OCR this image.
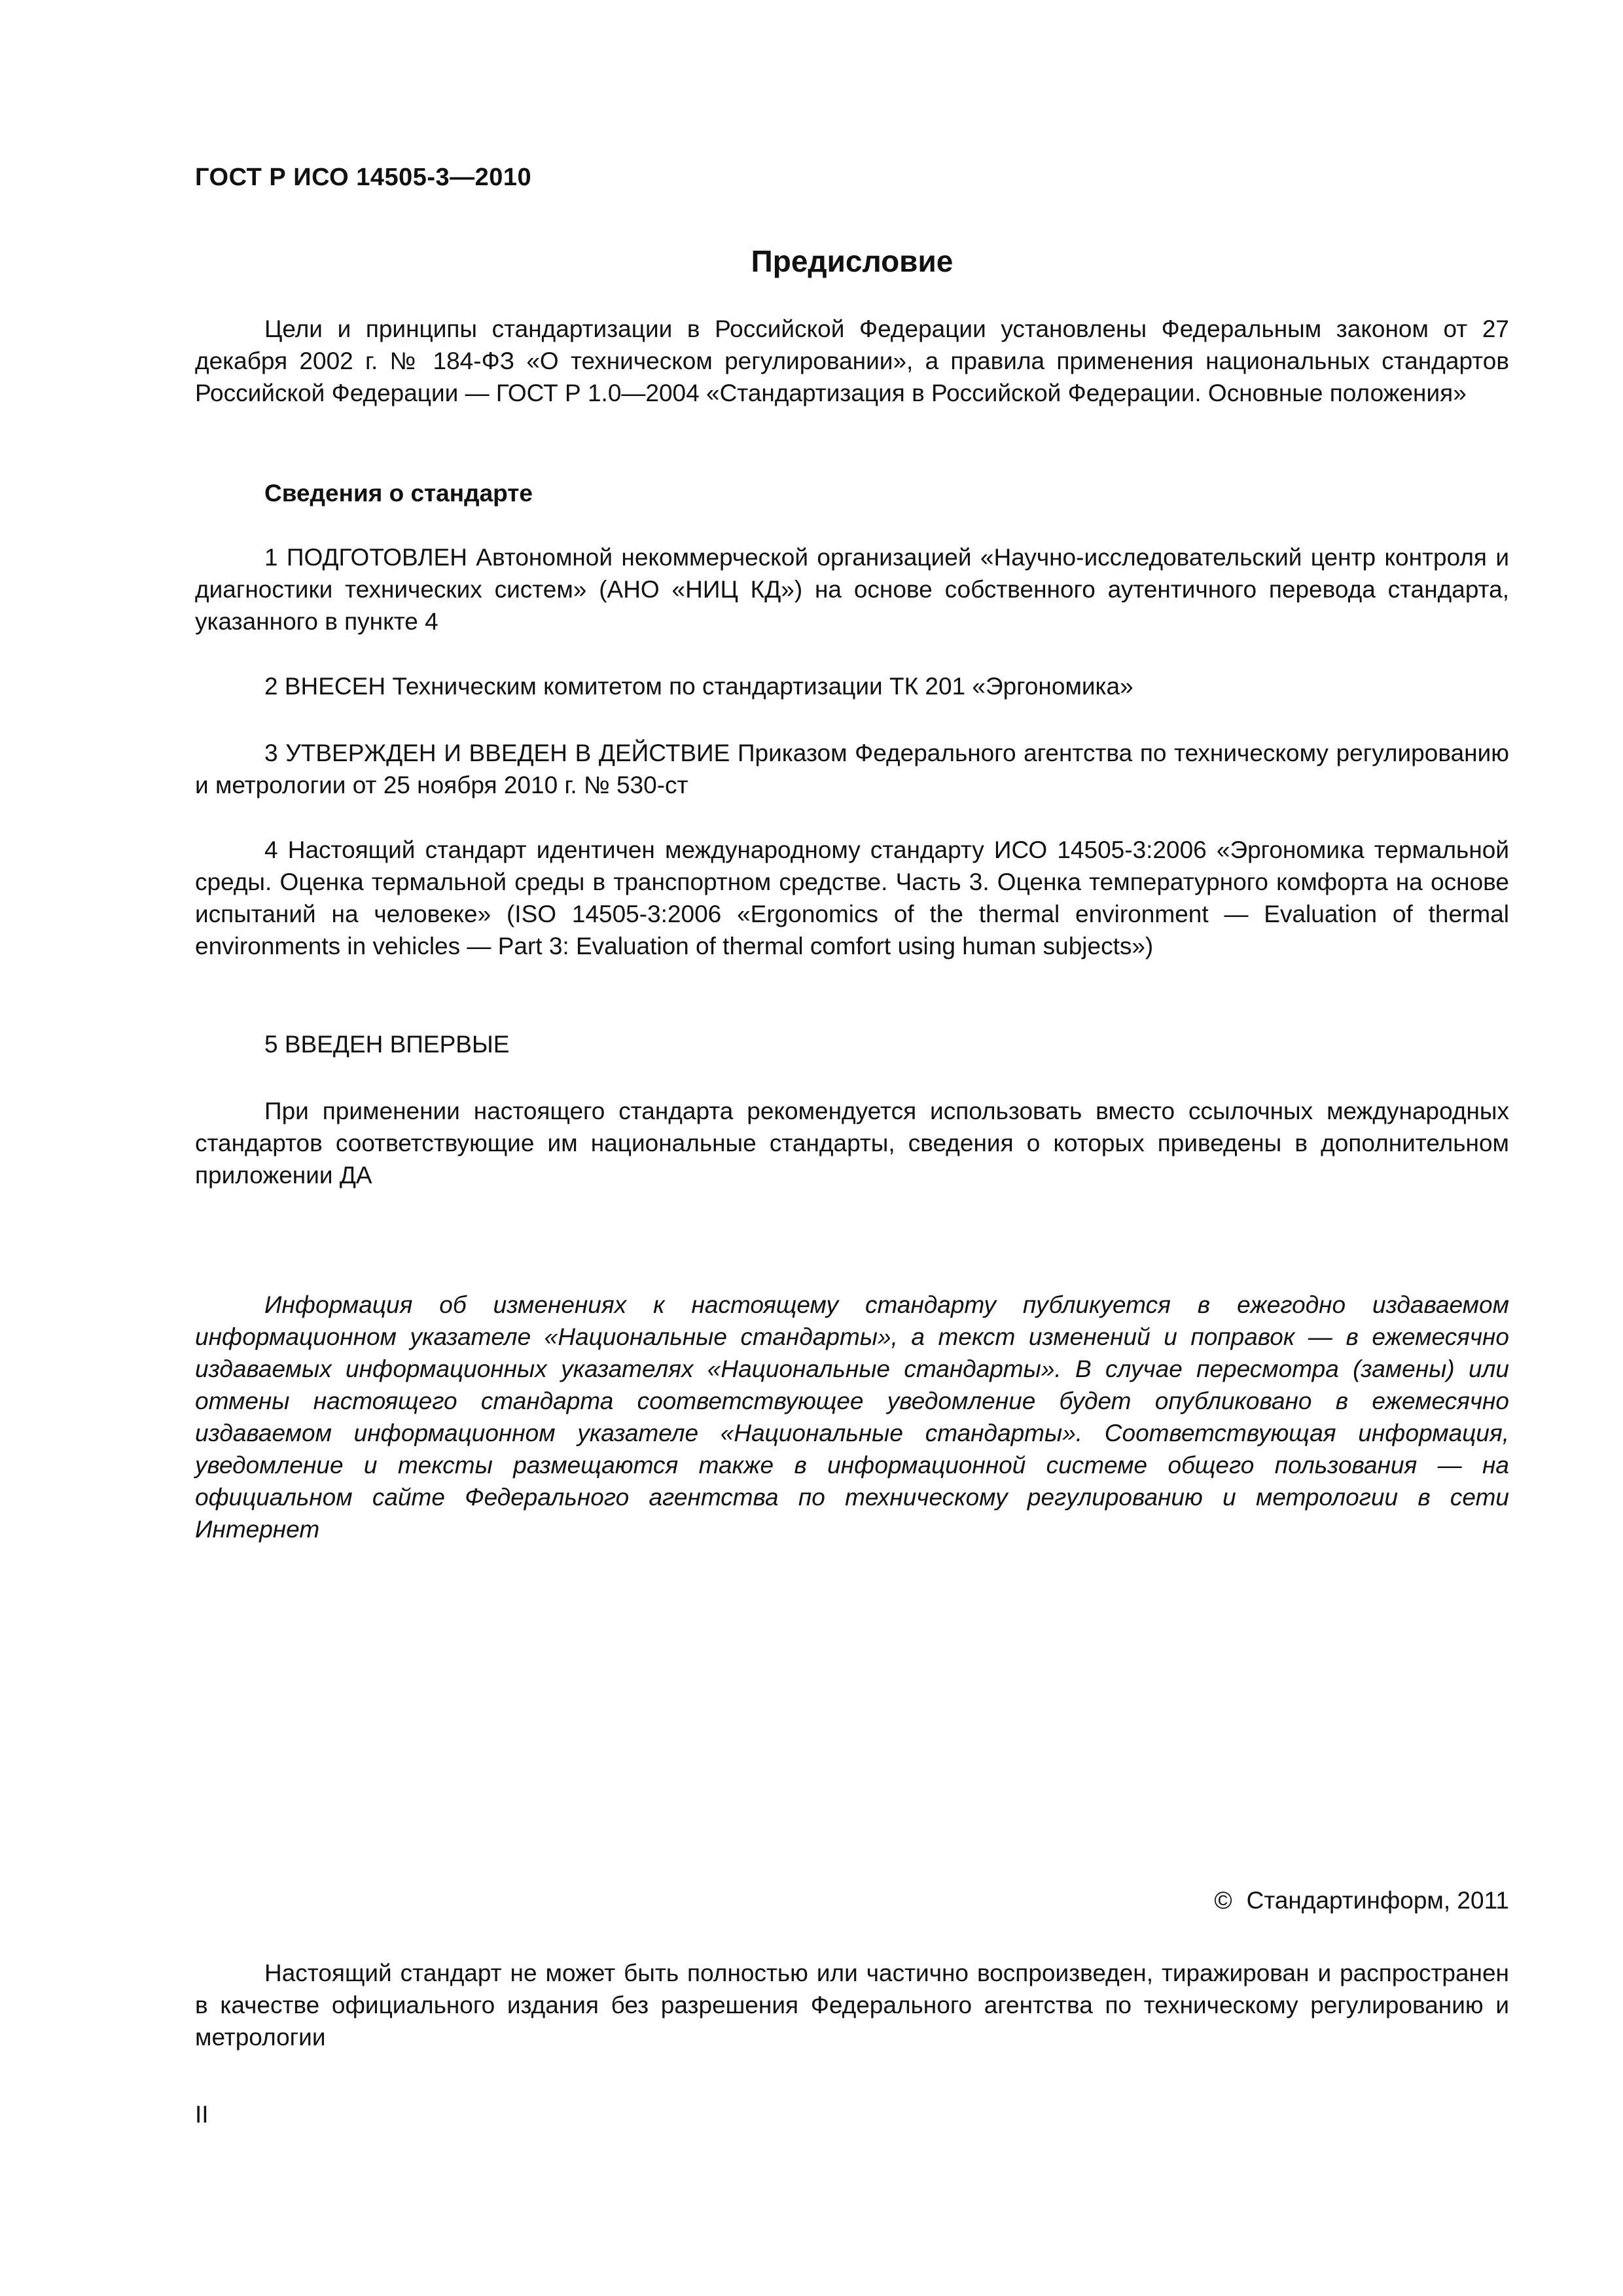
ГОСТ Р ИСО 14505-3—2010
Предисловие

Цели и принципы стандартизации в Российской Федерации установлены Федеральным законом от 27 декабря 2002 г. № 184-ФЗ «О техническом регулировании», а правила применения национальных стандартов Российской Федерации — ГОСТ Р 1.0—2004 «Стандартизация в Российской Федерации. Основные положения»

Сведения о стандарте

1 ПОДГОТОВЛЕН Автономной некоммерческой организацией «Научно-исследовательский центр контроля и диагностики технических систем» (АНО «НИЦ КД») на основе собственного аутентичного перевода стандарта, указанного в пункте 4

2 ВНЕСЕН Техническим комитетом по стандартизации ТК 201 «Эргономика»

3 УТВЕРЖДЕН И ВВЕДЕН В ДЕЙСТВИЕ Приказом Федерального агентства по техническому регулированию и метрологии от 25 ноября 2010 г. № 530-ст

4 Настоящий стандарт идентичен международному стандарту ИСО 14505-3:2006 «Эргономика термальной среды. Оценка термальной среды в транспортном средстве. Часть 3. Оценка температурного комфорта на основе испытаний на человеке» (ISO 14505-3:2006 «Ergonomics of the thermal environment — Evaluation of thermal environments in vehicles — Part 3: Evaluation of thermal comfort using human subjects»)

5 ВВЕДЕН ВПЕРВЫЕ

При применении настоящего стандарта рекомендуется использовать вместо ссылочных международных стандартов соответствующие им национальные стандарты, сведения о которых приведены в дополнительном приложении ДА

Информация об изменениях к настоящему стандарту публикуется в ежегодно издаваемом информационном указателе «Национальные стандарты», а текст изменений и поправок — в ежемесячно издаваемых информационных указателях «Национальные стандарты». В случае пересмотра (замены) или отмены настоящего стандарта соответствующее уведомление будет опубликовано в ежемесячно издаваемом информационном указателе «Национальные стандарты». Соответствующая информация, уведомление и тексты размещаются также в информационной системе общего пользования — на официальном сайте Федерального агентства по техническому регулированию и метрологии в сети Интернет

© Стандартинформ, 2011

Настоящий стандарт не может быть полностью или частично воспроизведен, тиражирован и распространен в качестве официального издания без разрешения Федерального агентства по техническому регулированию и метрологии

II
